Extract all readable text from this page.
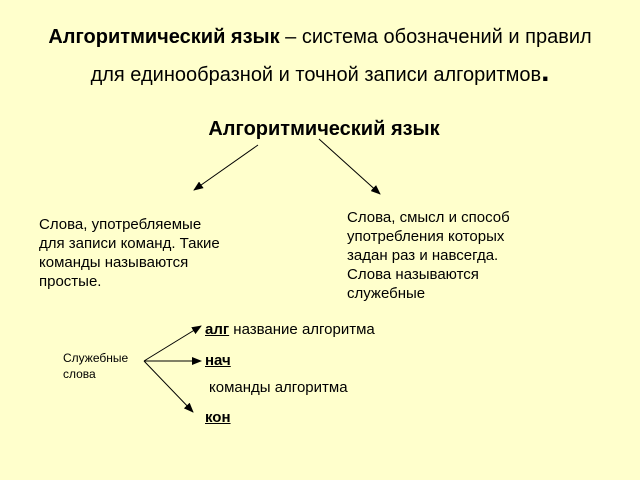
Алгоритмический язык – система обозначений и правил
для единообразной и точной записи алгоритмов.
Алгоритмический язык
Слова, употребляемые
для записи команд. Такие
команды называются
простые.
Слова, смысл и способ
употребления которых
задан раз и навсегда.
Слова называются
служебные
Служебные
слова
алг название алгоритма
нач
команды алгоритма
кон
